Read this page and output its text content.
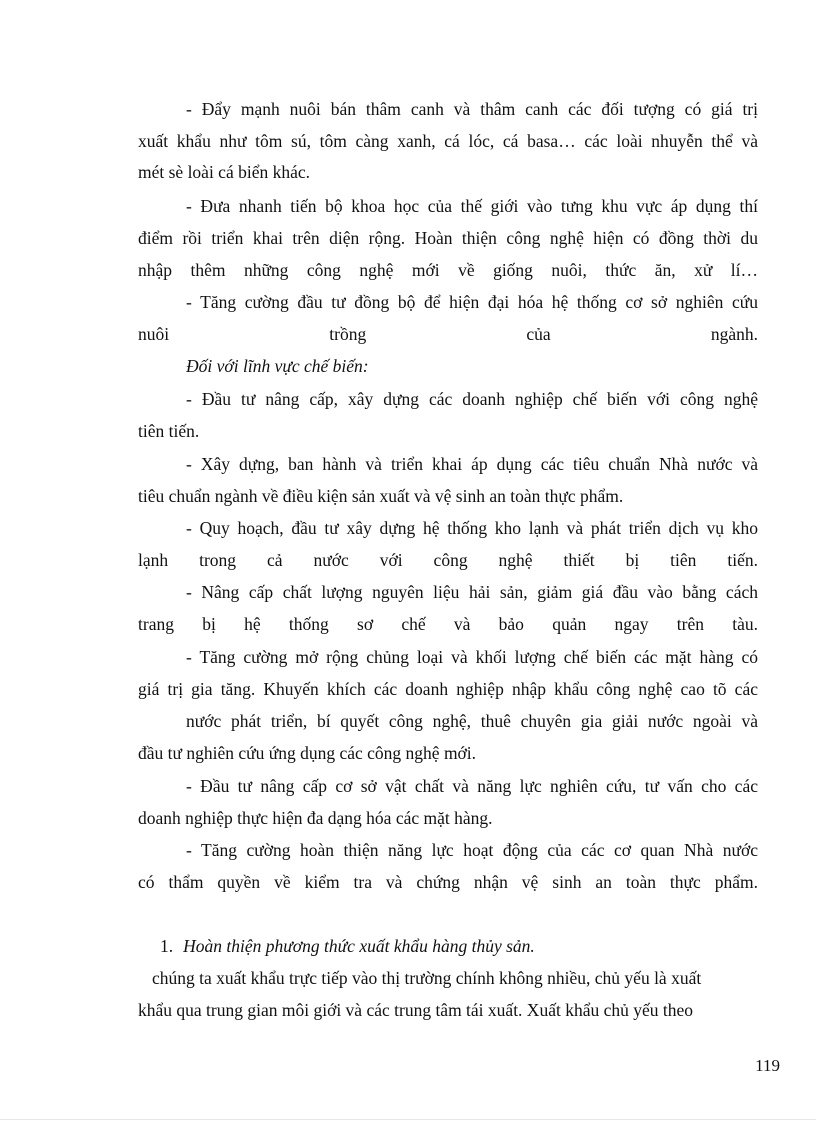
- Đẩy mạnh nuôi bán thâm canh và thâm canh các đối tượng có giá trị
xuất khẩu như tôm sú, tôm càng xanh, cá lóc, cá basa… các loài nhuyễn thể và
mét sè loài cá biển khác.
- Đưa nhanh tiến bộ khoa học của thế giới vào tưng khu vực áp dụng thí
điểm rồi triển khai trên diện rộng. Hoàn thiện công nghệ hiện có đồng thời du
nhập thêm những công nghệ mới về giống nuôi, thức ăn, xử lí…
- Tăng cường đầu tư đồng bộ để hiện đại hóa hệ thống cơ sở nghiên cứu
nuôi trồng của ngành.
Đối với lĩnh vực chế biến:
- Đầu tư nâng cấp, xây dựng các doanh nghiệp chế biến với công nghệ
tiên tiến.
- Xây dựng, ban hành và triển khai áp dụng các tiêu chuẩn Nhà nước và
tiêu chuẩn ngành về điều kiện sản xuất và vệ sinh an toàn thực phẩm.
- Quy hoạch, đầu tư xây dựng hệ thống kho lạnh và phát triển dịch vụ kho
lạnh trong cả nước với công nghệ thiết bị tiên tiến.
- Nâng cấp chất lượng nguyên liệu hải sản, giảm giá đầu vào bằng cách
trang bị hệ thống sơ chế và bảo quản ngay trên tàu.
- Tăng cường mở rộng chủng loại và khối lượng chế biến các mặt hàng có
giá trị gia tăng. Khuyến khích các doanh nghiệp nhập khẩu công nghệ cao tõ các
nước phát triển, bí quyết công nghệ, thuê chuyên gia giải nước ngoài và
đầu tư nghiên cứu ứng dụng các công nghệ mới.
- Đầu tư nâng cấp cơ sở vật chất và năng lực nghiên cứu, tư vấn cho các
doanh nghiệp thực hiện đa dạng hóa các mặt hàng.
- Tăng cường hoàn thiện năng lực hoạt động của các cơ quan Nhà nước
có thẩm quyền về kiểm tra và chứng nhận vệ sinh an toàn thực phẩm.
1. Hoàn thiện phương thức xuất khẩu hàng thủy sản.
chúng ta xuất khẩu trực tiếp vào thị trường chính không nhiều, chủ yếu là xuất
khẩu qua trung gian môi giới và các trung tâm tái xuất. Xuất khẩu chủ yếu theo
119
